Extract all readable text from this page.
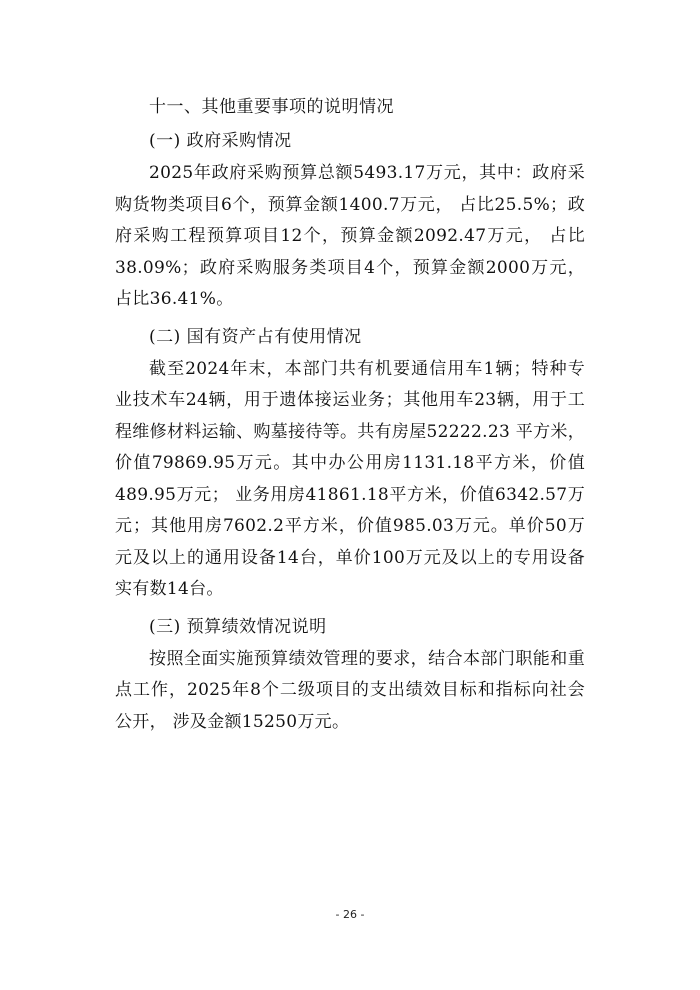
十一、其他重要事项的说明情况

(一) 政府采购情况

2025年政府采购预算总额5493.17万元，其中：政府采购货物类项目6个，预算金额1400.7万元， 占比25.5%；政府采购工程预算项目12个，预算金额2092.47万元， 占比38.09%；政府采购服务类项目4个，预算金额2000万元， 占比36.41%。

(二) 国有资产占有使用情况

截至2024年末，本部门共有机要通信用车1辆；特种专业技术车24辆，用于遗体接运业务；其他用车23辆，用于工程维修材料运输、购墓接待等。共有房屋52222.23 平方米，价值79869.95万元。其中办公用房1131.18平方米，价值489.95万元； 业务用房41861.18平方米，价值6342.57万元；其他用房7602.2平方米，价值985.03万元。单价50万元及以上的通用设备14台，单价100万元及以上的专用设备实有数14台。

(三) 预算绩效情况说明

按照全面实施预算绩效管理的要求，结合本部门职能和重点工作，2025年8个二级项目的支出绩效目标和指标向社会公开， 涉及金额15250万元。

- 26 -
